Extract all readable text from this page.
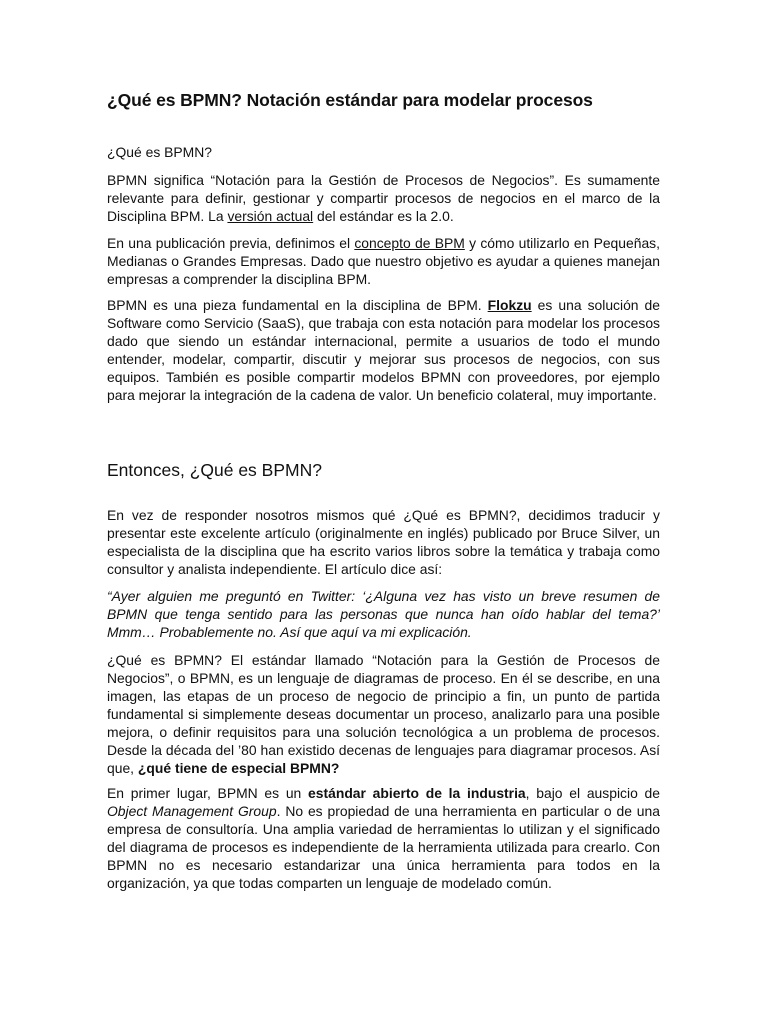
¿Qué es BPMN? Notación estándar para modelar procesos

¿Qué es BPMN?

BPMN significa “Notación para la Gestión de Procesos de Negocios”. Es sumamente relevante para definir, gestionar y compartir procesos de negocios en el marco de la Disciplina BPM. La versión actual del estándar es la 2.0.

En una publicación previa, definimos el concepto de BPM y cómo utilizarlo en Pequeñas, Medianas o Grandes Empresas. Dado que nuestro objetivo es ayudar a quienes manejan empresas a comprender la disciplina BPM.

BPMN es una pieza fundamental en la disciplina de BPM. Flokzu es una solución de Software como Servicio (SaaS), que trabaja con esta notación para modelar los procesos dado que siendo un estándar internacional, permite a usuarios de todo el mundo entender, modelar, compartir, discutir y mejorar sus procesos de negocios, con sus equipos. También es posible compartir modelos BPMN con proveedores, por ejemplo para mejorar la integración de la cadena de valor. Un beneficio colateral, muy importante.

Entonces, ¿Qué es BPMN?

En vez de responder nosotros mismos qué ¿Qué es BPMN?, decidimos traducir y presentar este excelente artículo (originalmente en inglés) publicado por Bruce Silver, un especialista de la disciplina que ha escrito varios libros sobre la temática y trabaja como consultor y analista independiente. El artículo dice así:

“Ayer alguien me preguntó en Twitter: ‘¿Alguna vez has visto un breve resumen de BPMN que tenga sentido para las personas que nunca han oído hablar del tema?’ Mmm… Probablemente no. Así que aquí va mi explicación.

¿Qué es BPMN? El estándar llamado “Notación para la Gestión de Procesos de Negocios”, o BPMN, es un lenguaje de diagramas de proceso. En él se describe, en una imagen, las etapas de un proceso de negocio de principio a fin, un punto de partida fundamental si simplemente deseas documentar un proceso, analizarlo para una posible mejora, o definir requisitos para una solución tecnológica a un problema de procesos. Desde la década del ’80 han existido decenas de lenguajes para diagramar procesos. Así que, ¿qué tiene de especial BPMN?

En primer lugar, BPMN es un estándar abierto de la industria, bajo el auspicio de Object Management Group. No es propiedad de una herramienta en particular o de una empresa de consultoría. Una amplia variedad de herramientas lo utilizan y el significado del diagrama de procesos es independiente de la herramienta utilizada para crearlo. Con BPMN no es necesario estandarizar una única herramienta para todos en la organización, ya que todas comparten un lenguaje de modelado común.
